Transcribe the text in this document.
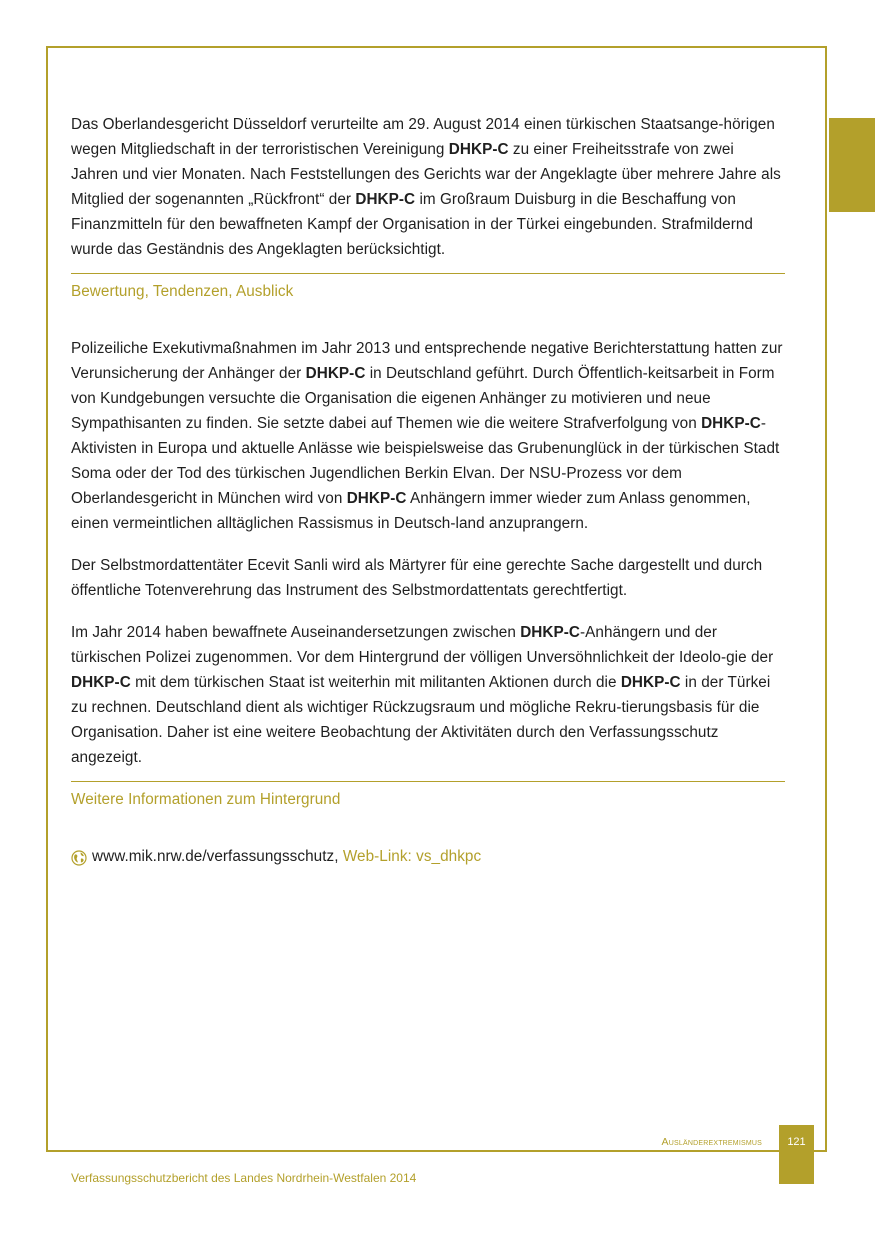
Das Oberlandesgericht Düsseldorf verurteilte am 29. August 2014 einen türkischen Staatsange-hörigen wegen Mitgliedschaft in der terroristischen Vereinigung DHKP-C zu einer Freiheitsstrafe von zwei Jahren und vier Monaten. Nach Feststellungen des Gerichts war der Angeklagte über mehrere Jahre als Mitglied der sogenannten „Rückfront“ der DHKP-C im Großraum Duisburg in die Beschaffung von Finanzmitteln für den bewaffneten Kampf der Organisation in der Türkei eingebunden. Strafmildernd wurde das Geständnis des Angeklagten berücksichtigt.

Bewertung, Tendenzen, Ausblick

Polizeiliche Exekutivmaßnahmen im Jahr 2013 und entsprechende negative Berichterstattung hatten zur Verunsicherung der Anhänger der DHKP-C in Deutschland geführt. Durch Öffentlich-keitsarbeit in Form von Kundgebungen versuchte die Organisation die eigenen Anhänger zu motivieren und neue Sympathisanten zu finden. Sie setzte dabei auf Themen wie die weitere Strafverfolgung von DHKP-C-Aktivisten in Europa und aktuelle Anlässe wie beispielsweise das Grubenunglück in der türkischen Stadt Soma oder der Tod des türkischen Jugendlichen Berkin Elvan. Der NSU-Prozess vor dem Oberlandesgericht in München wird von DHKP-C Anhängern immer wieder zum Anlass genommen, einen vermeintlichen alltäglichen Rassismus in Deutsch-land anzuprangern.

Der Selbstmordattentäter Ecevit Sanli wird als Märtyrer für eine gerechte Sache dargestellt und durch öffentliche Totenverehrung das Instrument des Selbstmordattentats gerechtfertigt.

Im Jahr 2014 haben bewaffnete Auseinandersetzungen zwischen DHKP-C-Anhängern und der türkischen Polizei zugenommen. Vor dem Hintergrund der völligen Unversöhnlichkeit der Ideolo-gie der DHKP-C mit dem türkischen Staat ist weiterhin mit militanten Aktionen durch die DHKP-C in der Türkei zu rechnen. Deutschland dient als wichtiger Rückzugsraum und mögliche Rekru-tierungsbasis für die Organisation. Daher ist eine weitere Beobachtung der Aktivitäten durch den Verfassungsschutz angezeigt.

Weitere Informationen zum Hintergrund
www.mik.nrw.de/verfassungsschutz,
Web-Link: vs_dhkpc
Ausländerextremismus	121
Verfassungsschutzbericht des Landes Nordrhein-Westfalen 2014
